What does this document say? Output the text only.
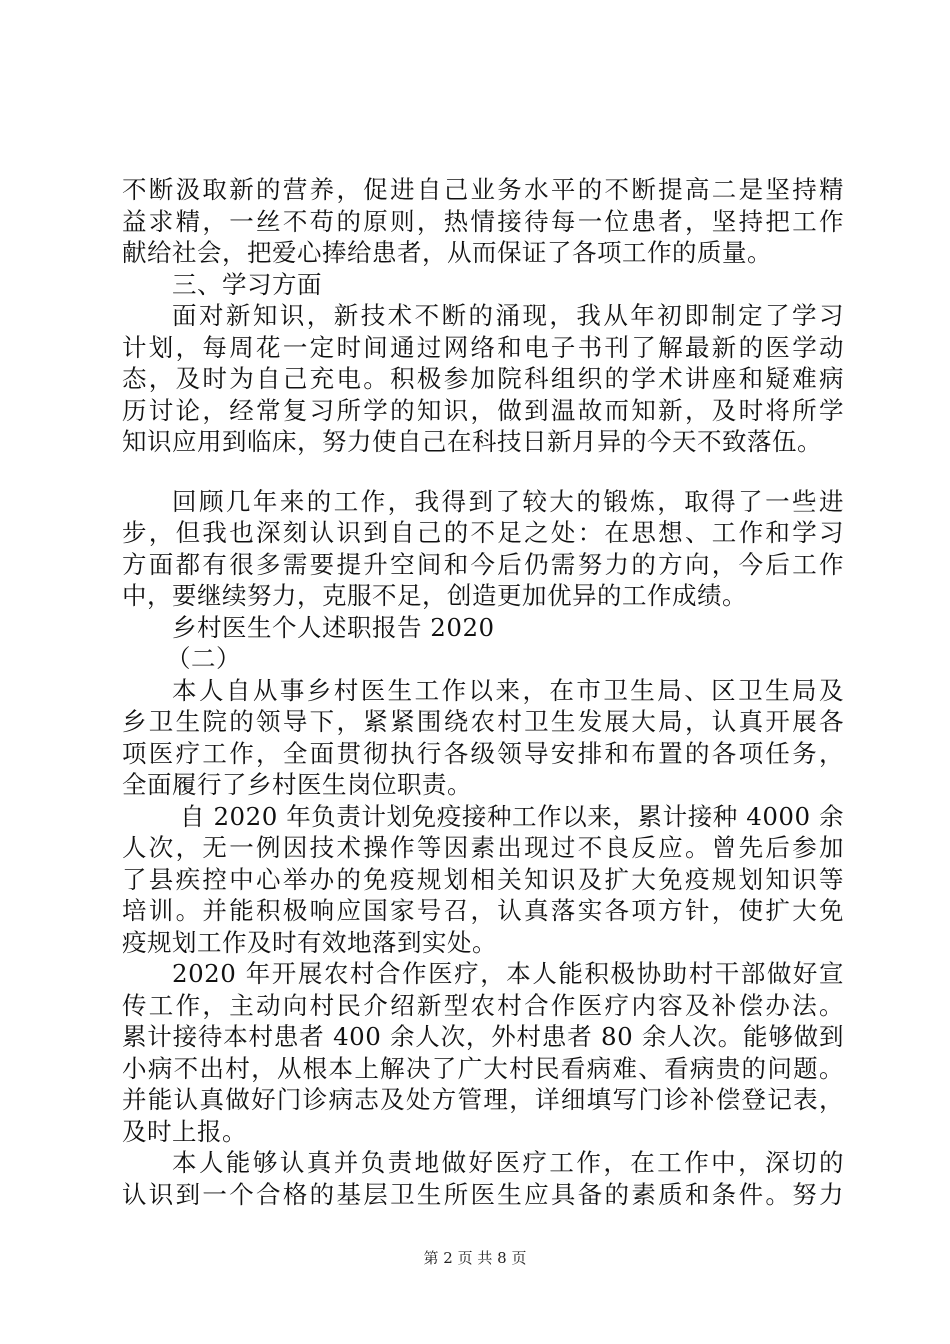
不断汲取新的营养，促进自己业务水平的不断提高二是坚持精
益求精，一丝不苟的原则，热情接待每一位患者，坚持把工作
献给社会，把爱心捧给患者，从而保证了各项工作的质量。
三、学习方面
面对新知识，新技术不断的涌现，我从年初即制定了学习
计划，每周花一定时间通过网络和电子书刊了解最新的医学动
态，及时为自己充电。积极参加院科组织的学术讲座和疑难病
历讨论，经常复习所学的知识，做到温故而知新，及时将所学
知识应用到临床，努力使自己在科技日新月异的今天不致落伍。
回顾几年来的工作，我得到了较大的锻炼，取得了一些进
步，但我也深刻认识到自己的不足之处：在思想、工作和学习
方面都有很多需要提升空间和今后仍需努力的方向，今后工作
中，要继续努力，克服不足，创造更加优异的工作成绩。
乡村医生个人述职报告 2020
（二）
本人自从事乡村医生工作以来，在市卫生局、区卫生局及
乡卫生院的领导下，紧紧围绕农村卫生发展大局，认真开展各
项医疗工作，全面贯彻执行各级领导安排和布置的各项任务，
全面履行了乡村医生岗位职责。
自 2020 年负责计划免疫接种工作以来，累计接种 4000 余
人次，无一例因技术操作等因素出现过不良反应。曾先后参加
了县疾控中心举办的免疫规划相关知识及扩大免疫规划知识等
培训。并能积极响应国家号召，认真落实各项方针，使扩大免
疫规划工作及时有效地落到实处。
2020 年开展农村合作医疗，本人能积极协助村干部做好宣
传工作，主动向村民介绍新型农村合作医疗内容及补偿办法。
累计接待本村患者 400 余人次，外村患者 80 余人次。能够做到
小病不出村，从根本上解决了广大村民看病难、看病贵的问题。
并能认真做好门诊病志及处方管理，详细填写门诊补偿登记表，
及时上报。
本人能够认真并负责地做好医疗工作，在工作中，深切的
认识到一个合格的基层卫生所医生应具备的素质和条件。努力
第 2 页 共 8 页
